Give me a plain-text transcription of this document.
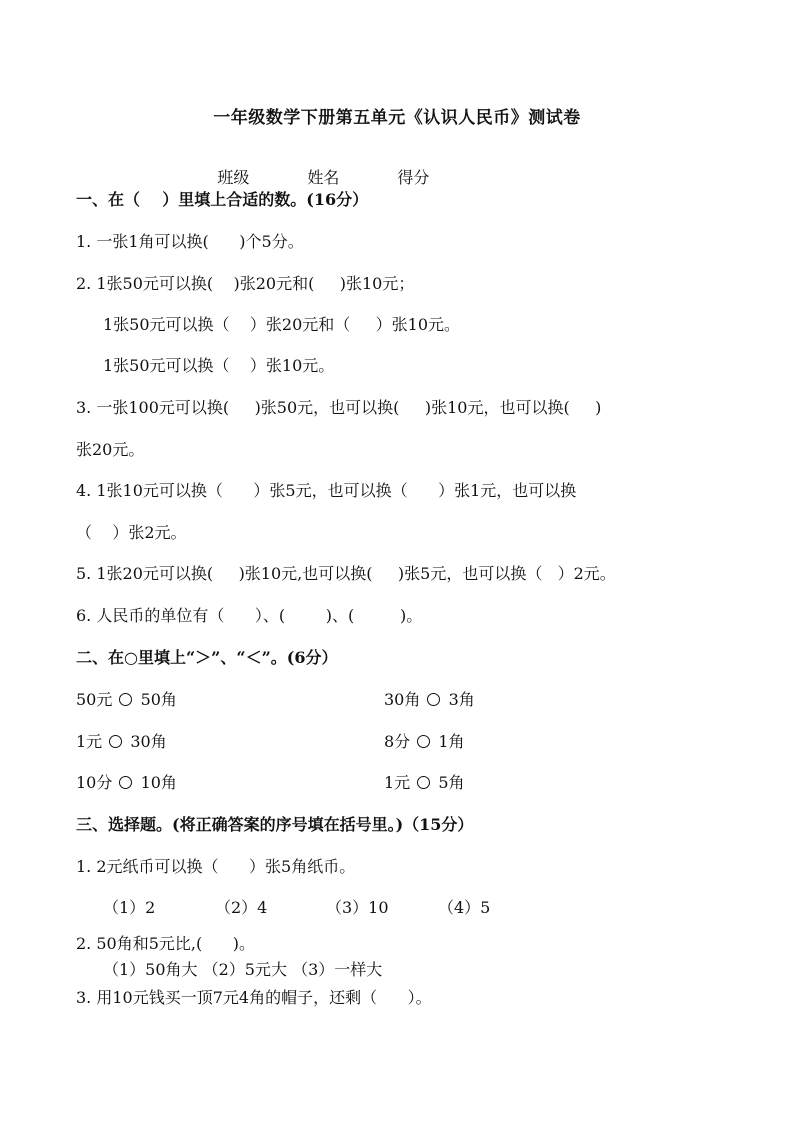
一年级数学下册第五单元《认识人民币》测试卷

班级	姓名	得分

一、在（    ）里填上合适的数。(16分）
1. 一张1角可以换(      )个5分。
2. 1张50元可以换(    )张20元和(     )张10元；
1张50元可以换（    ）张20元和（     ）张10元。
1张50元可以换（    ）张10元。
3. 一张100元可以换(     )张50元，也可以换(     )张10元，也可以换(     )
张20元。
4. 1张10元可以换（      ）张5元，也可以换（      ）张1元，也可以换
（    ）张2元。
5. 1张20元可以换(     )张10元,也可以换(     )张5元，也可以换（   ）2元。
6. 人民币的单位有（      ）、(        )、(         )。
二、在○里填上“＞”、“＜”。(6分）
50元 50角	30角 3角
1元 30角	8分 1角
10分 10角	1元 5角
三、选择题。(将正确答案的序号填在括号里。)（15分）
1. 2元纸币可以换（      ）张5角纸币。
（1）2	（2）4	（3）10	（4）5
2. 50角和5元比,(      )。
（1）50角大 （2）5元大 （3）一样大
3. 用10元钱买一顶7元4角的帽子，还剩（      ）。
